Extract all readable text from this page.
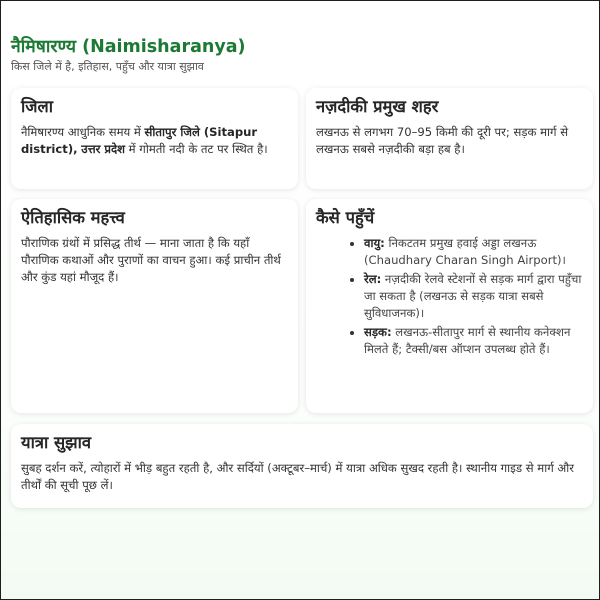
नैमिषारण्य (Naimisharanya)
किस जिले में है, इतिहास, पहुँच और यात्रा सुझाव
जिला

नैमिषारण्य आधुनिक समय में सीतापुर जिले (Sitapur district), उत्तर प्रदेश में गोमती नदी के तट पर स्थित है।

नज़दीकी प्रमुख शहर

लखनऊ से लगभग 70–95 किमी की दूरी पर; सड़क मार्ग से लखनऊ सबसे नज़दीकी बड़ा हब है।

ऐतिहासिक महत्त्व

पौराणिक ग्रंथों में प्रसिद्ध तीर्थ — माना जाता है कि यहाँ पौराणिक कथाओं और पुराणों का वाचन हुआ। कई प्राचीन तीर्थ और कुंड यहां मौजूद हैं।

कैसे पहुँचें
• वायु: निकटतम प्रमुख हवाई अड्डा लखनऊ (Chaudhary Charan Singh Airport)।
• रेल: नज़दीकी रेलवे स्टेशनों से सड़क मार्ग द्वारा पहुँचा जा सकता है (लखनऊ से सड़क यात्रा सबसे सुविधाजनक)।
• सड़क: लखनऊ-सीतापुर मार्ग से स्थानीय कनेक्शन मिलते हैं; टैक्सी/बस ऑप्शन उपलब्ध होते हैं।
यात्रा सुझाव

सुबह दर्शन करें, त्योहारों में भीड़ बहुत रहती है, और सर्दियों (अक्टूबर–मार्च) में यात्रा अधिक सुखद रहती है। स्थानीय गाइड से मार्ग और तीर्थों की सूची पूछ लें।
